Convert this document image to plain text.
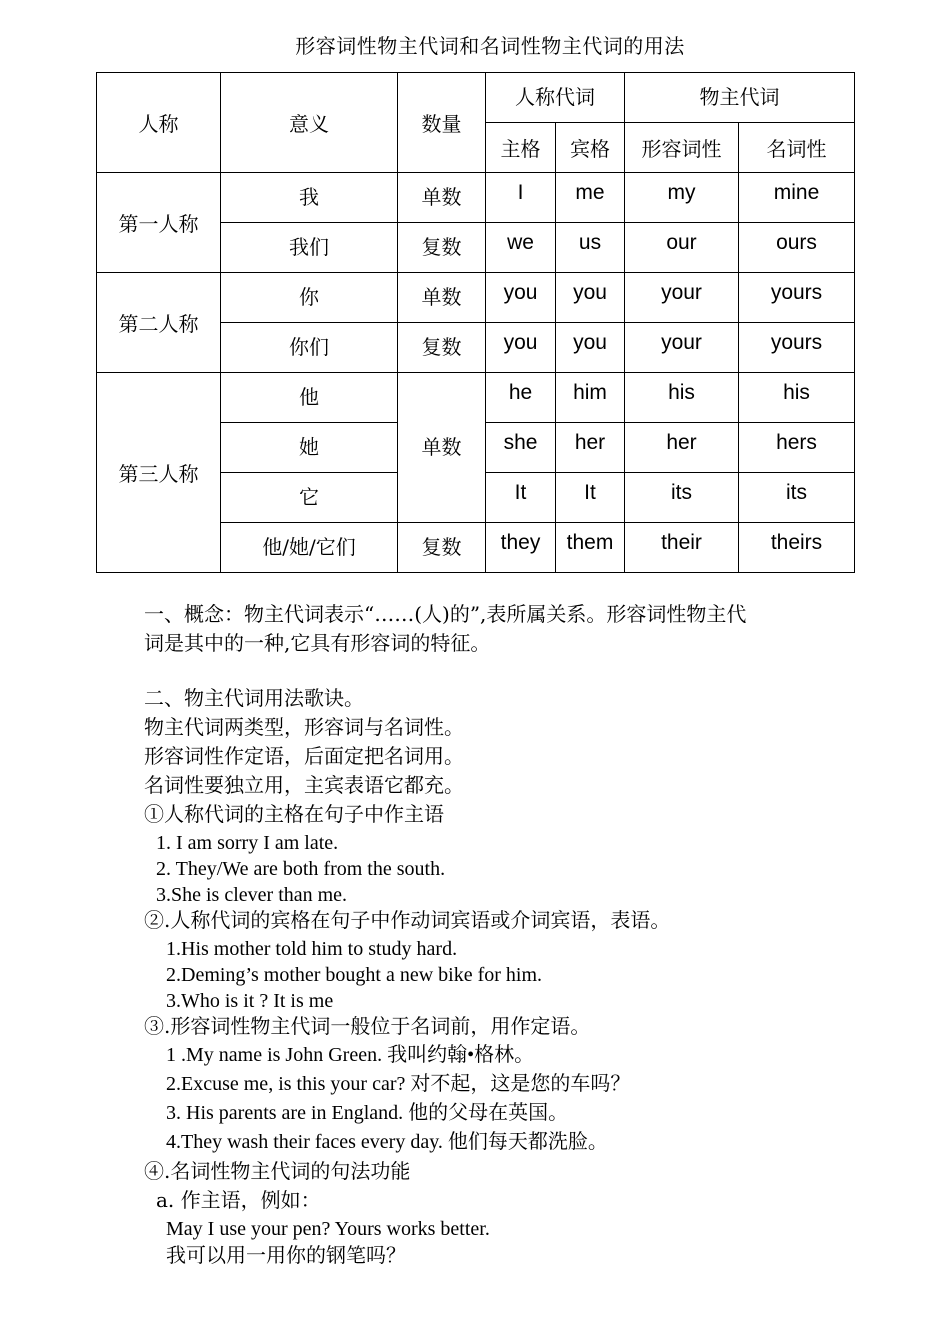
形容词性物主代词和名词性物主代词的用法
人称	意义	数量	人称代词		物主代词	
			主格	宾格	形容词性	名词性
第一人称	我	单数	I	me	my	mine
	我们	复数	we	us	our	ours
第二人称	你	单数	you	you	your	yours
	你们	复数	you	you	your	yours
第三人称	他	单数	he	him	his	his
	她		she	her	her	hers
	它		It	It	its	its
	他/她/它们	复数	they	them	their	theirs
一、概念：物主代词表示“……(人)的”,表所属关系。形容词性物主代
词是其中的一种,它具有形容词的特征。
二、物主代词用法歌诀。
物主代词两类型，形容词与名词性。
形容词性作定语，后面定把名词用。
名词性要独立用，主宾表语它都充。
①人称代词的主格在句子中作主语
1. I am sorry I am late.
2. They/We are both from the south.
3.She is clever than me.
②.人称代词的宾格在句子中作动词宾语或介词宾语，表语。
1.His mother told him to study hard.
2.Deming’s mother bought a new bike for him.
3.Who is it ? It is me
③.形容词性物主代词一般位于名词前，用作定语。
1 .My name is John Green. 我叫约翰•格林。
2.Excuse me, is this your car? 对不起，这是您的车吗？
3. His parents are in England. 他的父母在英国。
4.They wash their faces every day. 他们每天都洗脸。
④.名词性物主代词的句法功能
a. 作主语，例如：
May I use your pen? Yours works better.
我可以用一用你的钢笔吗？
